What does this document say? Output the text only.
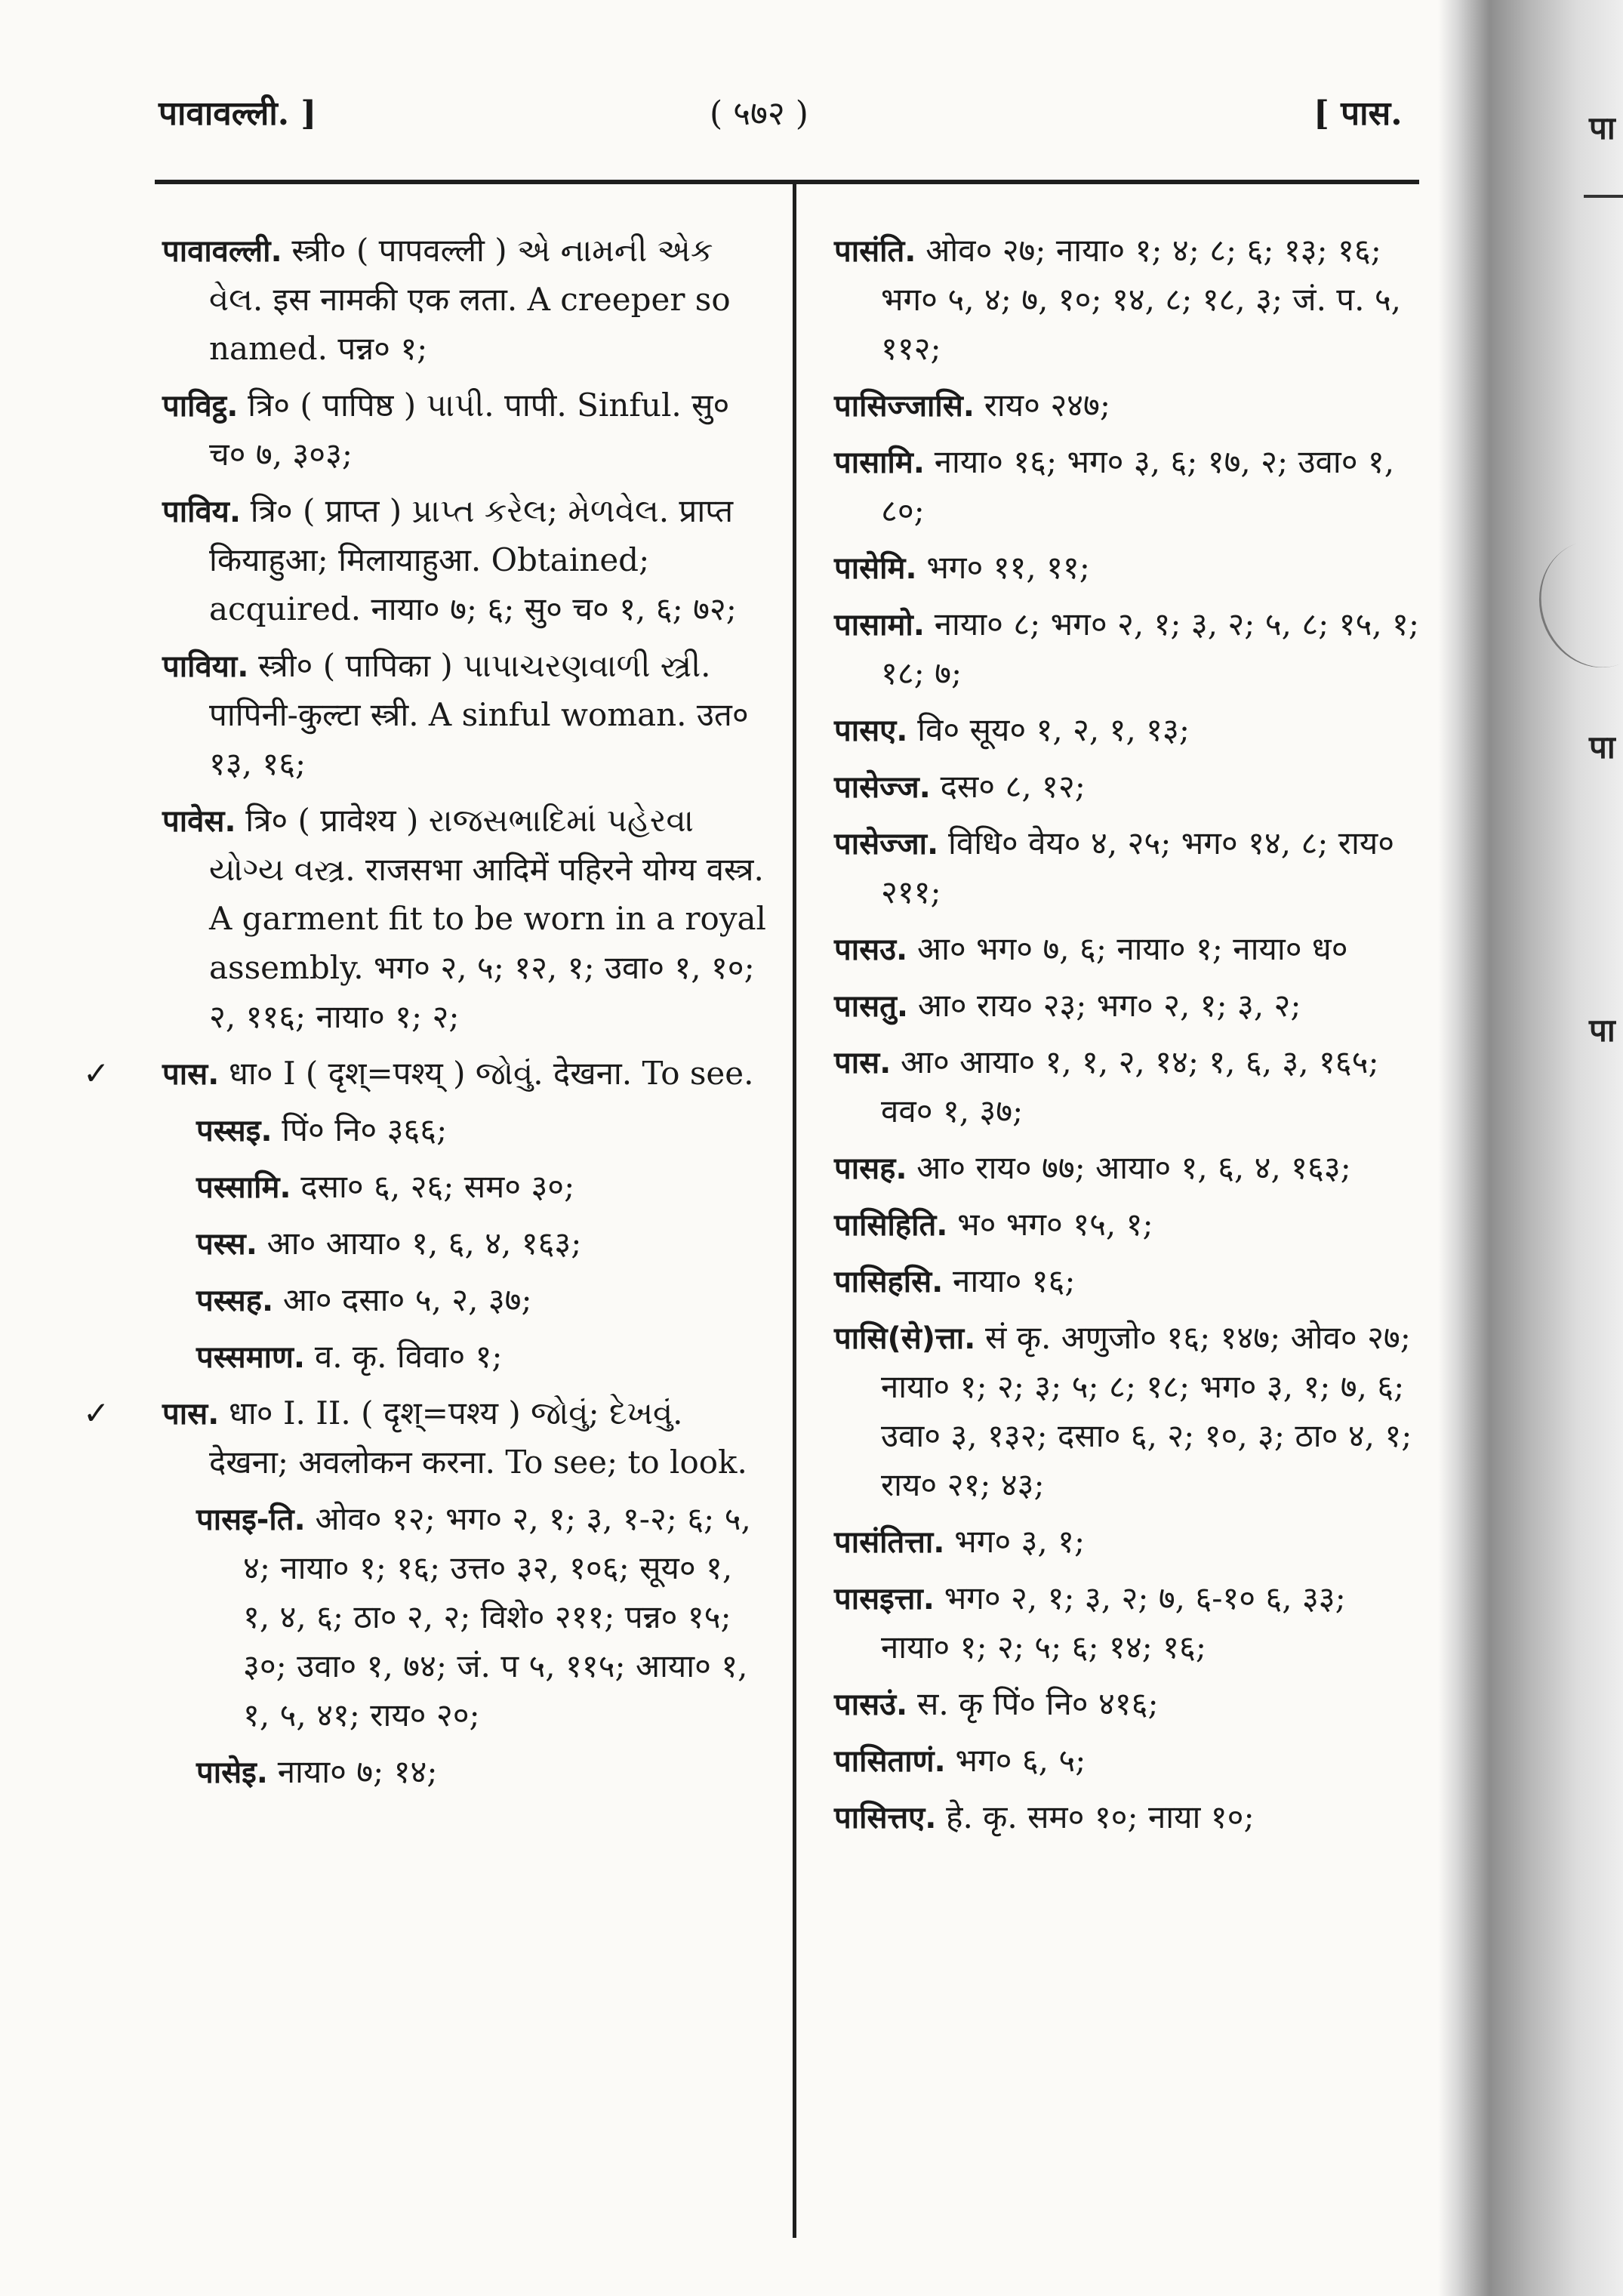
पावावल्ली. ]	( ५७२ )	[ पास.
पावावल्ली. स्त्री० ( पापवल्ली ) એ નામની એક વેલ. इस नामकी एक लता. A creeper so named. पन्न० १;
पाविट्ठ. त्रि० ( पापिष्ठ ) પાપી. पापी. Sinful. सु० च० ७, ३०३;
पाविय. त्रि० ( प्राप्त ) પ્રાપ્ત કરેલ; મેળવેલ. प्राप्त कियाहुआ; मिलायाहुआ. Obtained; acquired. नाया० ७; ६; सु० च० १, ६; ७२;
पाविया. स्त्री० ( पापिका ) પાપાચરણવાળી સ્ત્રી. पापिनी-कुल्टा स्त्री. A sinful woman. उत० १३, १६;
पावेस. त्रि० ( प्रावेश्य ) રાજસભાદિમાં પહેરવા યોગ્ય વસ્ત્ર. राजसभा आदिमें पहिरने योग्य वस्त्र. A garment fit to be worn in a royal assembly. भग० २, ५; १२, १; उवा० १, १०; २, ११६; नाया० १; २;
✓ पास. धा० I ( दृश्=पश्य् ) જોવું. देखना. To see.
पस्सइ. पिं० नि० ३६६;
पस्सामि. दसा० ६, २६; सम० ३०;
पस्स. आ० आया० १, ६, ४, १६३;
पस्सह. आ० दसा० ५, २, ३७;
पस्समाण. व. कृ. विवा० १;
✓ पास. धा० I. II. ( दृश्=पश्य ) જોવું; દેખવું. देखना; अवलोकन करना. To see; to look.
पासइ-ति. ओव० १२; भग० २, १; ३, १-२; ६; ५, ४; नाया० १; १६; उत्त० ३२, १०६; सूय० १, १, ४, ६; ठा० २, २; विशे० २११; पन्न० १५; ३०; उवा० १, ७४; जं. प ५, ११५; आया० १, १, ५, ४१; राय० २०;
पासेइ. नाया० ७; १४;
पासंति. ओव० २७; नाया० १; ४; ८; ६; १३; १६; भग० ५, ४; ७, १०; १४, ८; १८, ३; जं. प. ५, ११२;
पासिज्जासि. राय० २४७;
पासामि. नाया० १६; भग० ३, ६; १७, २; उवा० १, ८०;
पासेमि. भग० ११, ११;
पासामो. नाया० ८; भग० २, १; ३, २; ५, ८; १५, १; १८; ७;
पासए. वि० सूय० १, २, १, १३;
पासेज्ज. दस० ८, १२;
पासेज्जा. विधि० वेय० ४, २५; भग० १४, ८; राय० २११;
पासउ. आ० भग० ७, ६; नाया० १; नाया० ध०
पासतु. आ० राय० २३; भग० २, १; ३, २;
पास. आ० आया० १, १, २, १४; १, ६, ३, १६५; वव० १, ३७;
पासह. आ० राय० ७७; आया० १, ६, ४, १६३;
पासिहिति. भ० भग० १५, १;
पासिहसि. नाया० १६;
पासि(से)त्ता. सं कृ. अणुजो० १६; १४७; ओव० २७; नाया० १; २; ३; ५; ८; १८; भग० ३, १; ७, ६; उवा० ३, १३२; दसा० ६, २; १०, ३; ठा० ४, १; राय० २१; ४३;
पासंतित्ता. भग० ३, १;
पासइत्ता. भग० २, १; ३, २; ७, ६-१० ६, ३३; नाया० १; २; ५; ६; १४; १६;
पासउं. स. कृ पिं० नि० ४१६;
पासिताणं. भग० ६, ५;
पासित्तए. हे. कृ. सम० १०; नाया १०;
पा
पा
पा
